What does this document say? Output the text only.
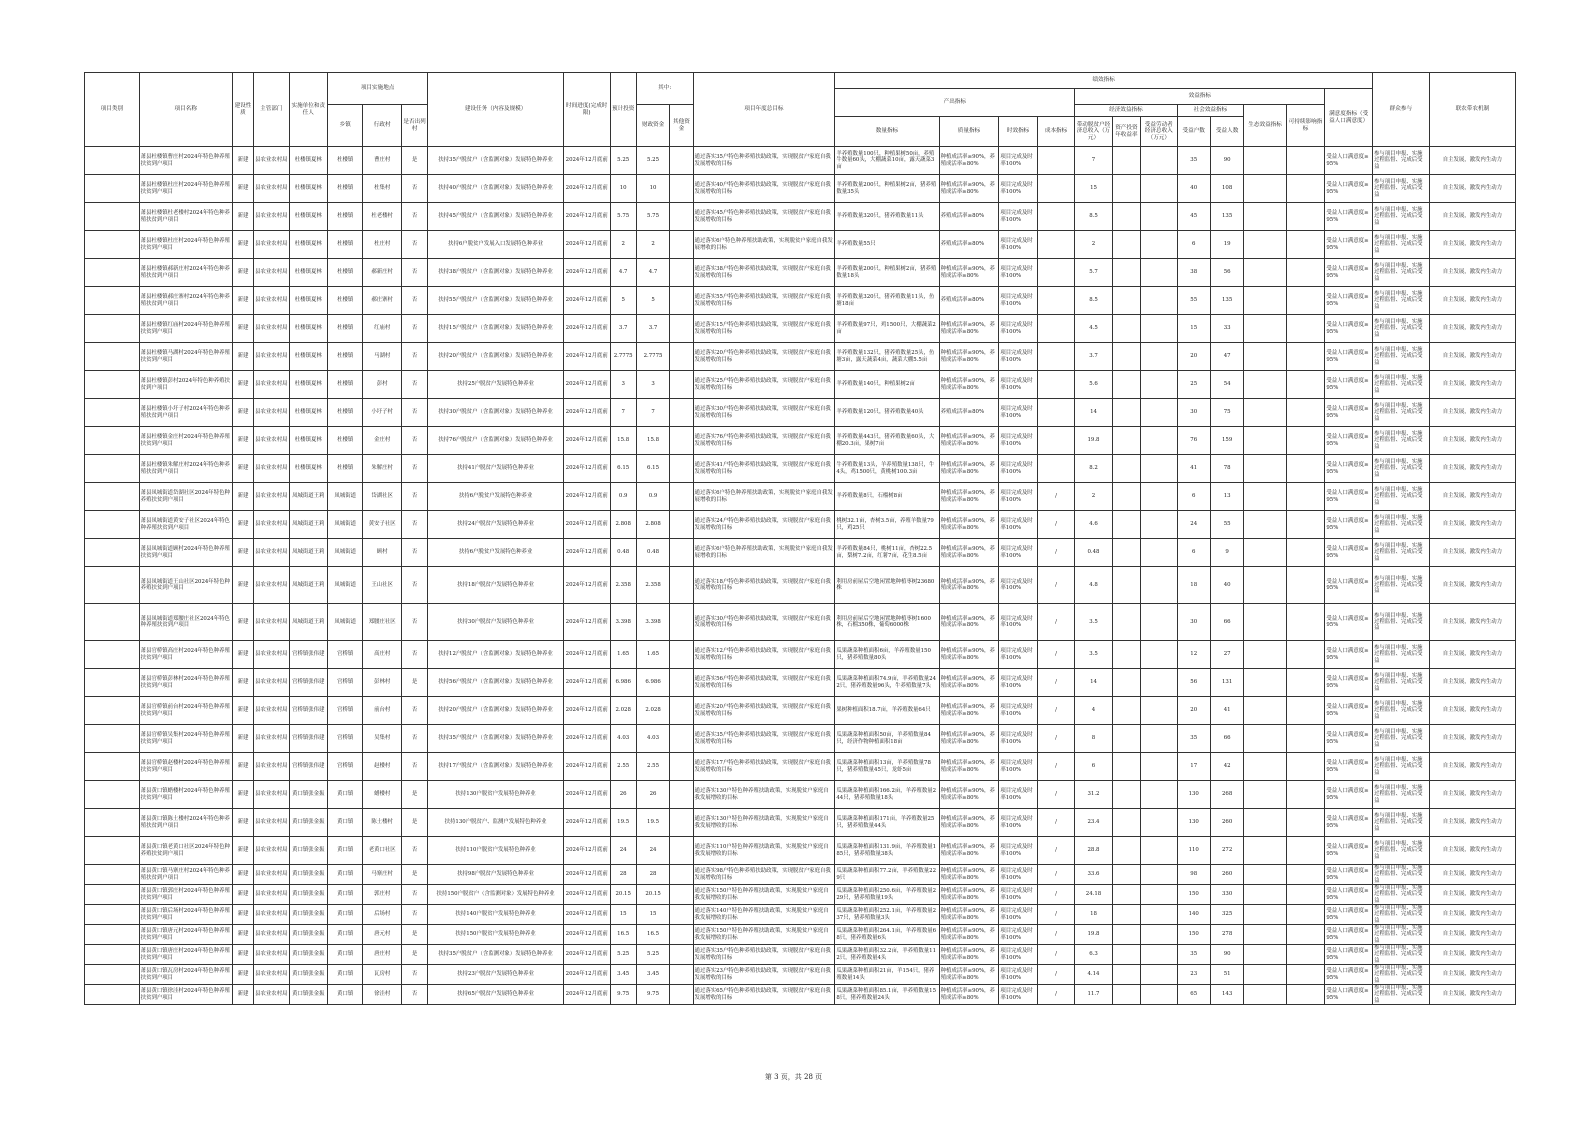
项目类别	项目名称	建设性质	主管部门	实施单位和责任人	项目实施地点			建设任务（内容及规模）	时间进度(完成时限)	预计投资	其中:		项目年度总目标	绩效指标												群众参与	联农带农机制
														产出指标				效益指标							满意度指标（受益人口满意度）		
					乡镇	行政村	是否出列村				财政资金	其他资金						经济效益指标			社会效益指标		生态效益指标	可持续影响指标			
														数量指标	质量指标	时效指标	成本指标	带动脱贫户经济总收入（万元）	资产投资年收益率	受益劳动者经济总收入（万元）	受益户数	受益人数					
	萧县杜楼镇曹庄村2024年特色种养殖扶贫到户项目	新建	县农业农村局	杜楼镇夏林	杜楼镇	曹庄村	是	扶持35户脱贫户（含监测对象）发展特色种养业	2024年12月底前	5.25	5.25		通过落实35户特色种养殖扶助政策，实现脱贫户家庭自我发展增收的目标	羊养殖数量100只，种植果树50亩，养殖牛数量60头，大棚蔬菜10亩，露天蔬菜3亩	种植成活率≥90%，养殖成活率≥80%	项目完成及时率100%		7			35	90			受益人口满意度≥95%	参与项目申报、实施过程监督、完成后受益	自主发展，激发内生动力
	萧县杜楼镇杜庄村2024年特色种养殖扶贫到户项目	新建	县农业农村局	杜楼镇夏林	杜楼镇	杜集村	否	扶持40户脱贫户（含监测对象）发展特色种养业	2024年12月底前	10	10		通过落实40户特色种养殖扶助政策，实现脱贫户家庭自我发展增收的目标	羊养殖数量200只，种植果树2亩，猪养殖数量35头	种植成活率≥90%，养殖成活率≥80%	项目完成及时率100%		15			40	108			受益人口满意度≥95%	参与项目申报、实施过程监督、完成后受益	自主发展，激发内生动力
	萧县杜楼镇杜老楼村2024年特色种养殖扶贫到户项目	新建	县农业农村局	杜楼镇夏林	杜楼镇	杜老楼村	否	扶持45户脱贫户（含监测对象）发展特色种养业	2024年12月底前	5.75	5.75		通过落实45户特色种养殖扶助政策，实现脱贫户家庭自我发展增收的目标	羊养殖数量320只，猪养殖数量11头	养殖成活率≥80%	项目完成及时率100%		8.5			45	135			受益人口满意度≥95%	参与项目申报、实施过程监督、完成后受益	自主发展，激发内生动力
	萧县杜楼镇杜庄村2024年特色种养殖扶贫到户项目	新建	县农业农村局	杜楼镇夏林	杜楼镇	杜庄村	否	扶持6户脱贫户发展入口发展特色种养业	2024年12月底前	2	2		通过落实6户特色种养殖扶助政策，实现脱贫户家庭自我发展增收的目标	羊养殖数量55只	养殖成活率≥80%	项目完成及时率100%		2			6	19			受益人口满意度≥95%	参与项目申报、实施过程监督、完成后受益	自主发展，激发内生动力
	萧县杜楼镇郝新庄村2024年特色种养殖扶贫到户项目	新建	县农业农村局	杜楼镇夏林	杜楼镇	郝新庄村	否	扶持38户脱贫户（含监测对象）发展特色种养业	2024年12月底前	4.7	4.7		通过落实38户特色种养殖扶助政策，实现脱贫户家庭自我发展增收的目标	羊养殖数量200只，种植果树2亩，猪养殖数量18头	种植成活率≥90%，养殖成活率≥80%	项目完成及时率100%		5.7			38	56			受益人口满意度≥95%	参与项目申报、实施过程监督、完成后受益	自主发展，激发内生动力
	萧县杜楼镇郝庄寨村2024年特色种养殖扶贫到户项目	新建	县农业农村局	杜楼镇夏林	杜楼镇	郝庄寨村	否	扶持55户脱贫户（含监测对象）发展特色种养业	2024年12月底前	5	5		通过落实55户特色种养殖扶助政策，实现脱贫户家庭自我发展增收的目标	羊养殖数量320只，猪养殖数量11头，鱼塘18亩	养殖成活率≥80%	项目完成及时率100%		8.5			55	135			受益人口满意度≥95%	参与项目申报、实施过程监督、完成后受益	自主发展，激发内生动力
	萧县杜楼镇红庙村2024年特色种养殖扶贫到户项目	新建	县农业农村局	杜楼镇夏林	杜楼镇	红庙村	否	扶持15户脱贫户（含监测对象）发展特色种养业	2024年12月底前	3.7	3.7		通过落实15户特色种养殖扶助政策，实现脱贫户家庭自我发展增收的目标	羊养殖数量97只，鸡1500只，大棚蔬菜2亩	种植成活率≥90%，养殖成活率≥80%	项目完成及时率100%		4.5			15	33			受益人口满意度≥95%	参与项目申报、实施过程监督、完成后受益	自主发展，激发内生动力
	萧县杜楼镇马湖村2024年特色种养殖扶贫到户项目	新建	县农业农村局	杜楼镇夏林	杜楼镇	马湖村	否	扶持20户脱贫户（含监测对象）发展特色种养业	2024年12月底前	2.7775	2.7775		通过落实20户特色种养殖扶助政策，实现脱贫户家庭自我发展增收的目标	羊养殖数量132只，猪养殖数量25头，鱼塘3亩，露天蔬菜4亩，蔬菜大棚5.5亩	种植成活率≥90%，养殖成活率≥80%	项目完成及时率100%		3.7			20	47			受益人口满意度≥95%	参与项目申报、实施过程监督、完成后受益	自主发展，激发内生动力
	萧县杜楼镇彭村2024年特色种养殖扶贫到户项目	新建	县农业农村局	杜楼镇夏林	杜楼镇	彭村	否	扶持25户脱贫户发展特色种养业	2024年12月底前	3	3		通过落实25户特色种养殖扶助政策，实现脱贫户家庭自我发展增收的目标	羊养殖数量140只，种植果树2亩	种植成活率≥90%，养殖成活率≥80%	项目完成及时率100%		5.6			25	54			受益人口满意度≥95%	参与项目申报、实施过程监督、完成后受益	自主发展，激发内生动力
	萧县杜楼镇小圩子村2024年特色种养殖扶贫到户项目	新建	县农业农村局	杜楼镇夏林	杜楼镇	小圩子村	否	扶持30户脱贫户（含监测对象）发展特色种养业	2024年12月底前	7	7		通过落实30户特色种养殖扶助政策，实现脱贫户家庭自我发展增收的目标	羊养殖数量120只，猪养殖数量40头	养殖成活率≥80%	项目完成及时率100%		14			30	75			受益人口满意度≥95%	参与项目申报、实施过程监督、完成后受益	自主发展，激发内生动力
	萧县杜楼镇金庄村2024年特色种养殖扶贫到户项目	新建	县农业农村局	杜楼镇夏林	杜楼镇	金庄村	否	扶持76户脱贫户（含监测对象）发展特色种养业	2024年12月底前	15.8	15.8		通过落实76户特色种养殖扶助政策，实现脱贫户家庭自我发展增收的目标	羊养殖数量443只，猪养殖数量60头，大棚20.3亩，果树7亩	种植成活率≥90%，养殖成活率≥80%	项目完成及时率100%		19.8			76	159			受益人口满意度≥95%	参与项目申报、实施过程监督、完成后受益	自主发展，激发内生动力
	萧县杜楼镇朱解庄村2024年特色种养殖扶贫到户项目	新建	县农业农村局	杜楼镇夏林	杜楼镇	朱解庄村	否	扶持41户脱贫户发展特色种养业	2024年12月底前	6.15	6.15		通过落实41户特色种养殖扶助政策，实现脱贫户家庭自我发展增收的目标	牛养殖数量13头，羊养殖数量138只，牛4头，鸡1500只，黄桃树100.3亩	种植成活率≥90%，养殖成活率≥80%	项目完成及时率100%		8.2			41	78			受益人口满意度≥95%	参与项目申报、实施过程监督、完成后受益	自主发展，激发内生动力
	萧县凤城街道岱湖社区2024年特色种养殖扶贫到户项目	新建	县农业农村局	凤城街道王莉	凤城街道	岱湖社区	否	扶持6户脱贫户发展特色种养业	2024年12月底前	0.9	0.9		通过落实6户特色种养殖扶助政策，实现脱贫户家庭自我发展增收的目标	羊养殖数量8只，石榴树8亩	种植成活率≥90%，养殖成活率≥80%	项目完成及时率100%	/	2			6	13			受益人口满意度≥95%	参与项目申报、实施过程监督、完成后受益	自主发展，激发内生动力
	萧县凤城街道黄安子社区2024年特色种养殖扶贫到户项目	新建	县农业农村局	凤城街道王莉	凤城街道	黄安子社区	否	扶持24户脱贫户发展特色种养业	2024年12月底前	2.808	2.808		通过落实24户特色种养殖扶助政策，实现脱贫户家庭自我发展增收的目标	桃树32.1亩，杏树3.5亩，养殖羊数量79只，鸡25只	种植成活率≥90%，养殖成活率≥80%	项目完成及时率100%	/	4.6			24	55			受益人口满意度≥95%	参与项目申报、实施过程监督、完成后受益	自主发展，激发内生动力
	萧县凤城街道顾村2024年特色种养殖扶贫到户项目	新建	县农业农村局	凤城街道王莉	凤城街道	顾村	否	扶持6户脱贫户发展特色种养业	2024年12月底前	0.48	0.48		通过落实6户特色种养殖扶助政策，实现脱贫户家庭自我发展增收的目标	羊养殖数量84只，桃树11亩，杏树22.5亩，梨树7.2亩，红薯7亩，花生8.5亩	种植成活率≥90%，养殖成活率≥80%	项目完成及时率100%	/	0.48			6	9			受益人口满意度≥95%	参与项目申报、实施过程监督、完成后受益	自主发展，激发内生动力
	萧县凤城街道王山社区2024年特色种养殖扶贫到户项目	新建	县农业农村局	凤城街道王莉	凤城街道	王山社区	否	扶持18户脱贫户发展特色种养业	2024年12月底前	2.358	2.358		通过落实18户特色种养殖扶助政策，实现脱贫户家庭自我发展增收的目标	利用房前屋后空地闲置地种植枣树23680株	种植成活率≥90%，养殖成活率≥80%	项目完成及时率100%	/	4.8			18	40			受益人口满意度≥95%	参与项目申报、实施过程监督、完成后受益	自主发展，激发内生动力
	萧县凤城街道郑腰庄社区2024年特色种养殖扶贫到户项目	新建	县农业农村局	凤城街道王莉	凤城街道	郑腰庄社区	否	扶持30户脱贫户发展特色种养业	2024年12月底前	3.398	3.398		通过落实30户特色种养殖扶助政策，实现脱贫户家庭自我发展增收的目标	利用房前屋后空地闲置地种植枣树1600株，石榴350株，葡萄6000株	种植成活率≥90%，养殖成活率≥80%	项目完成及时率100%	/	3.5			30	66			受益人口满意度≥95%	参与项目申报、实施过程监督、完成后受益	自主发展，激发内生动力
	萧县官桥镇高庄村2024年特色种养殖扶贫到户项目	新建	县农业农村局	官桥镇张伟建	官桥镇	高庄村	否	扶持12户脱贫户（含监测对象）发展特色种养业	2024年12月底前	1.65	1.65		通过落实12户特色种养殖扶助政策，实现脱贫户家庭自我发展增收的目标	瓜果蔬菜种植面积6亩，羊养殖数量150只，猪养殖数量80头	种植成活率≥90%，养殖成活率≥80%	项目完成及时率100%	/	3.5			12	27			受益人口满意度≥95%	参与项目申报、实施过程监督、完成后受益	自主发展，激发内生动力
	萧县官桥镇彭林村2024年特色种养殖扶贫到户项目	新建	县农业农村局	官桥镇张伟建	官桥镇	彭林村	是	扶持56户脱贫户（含监测对象）发展特色种养业	2024年12月底前	6.986	6.986		通过落实56户特色种养殖扶助政策，实现脱贫户家庭自我发展增收的目标	瓜果蔬菜种植面积74.9亩，羊养殖数量242只，猪养殖数量96头，牛养殖数量7头	种植成活率≥90%，养殖成活率≥80%	项目完成及时率100%	/	14			56	131			受益人口满意度≥95%	参与项目申报、实施过程监督、完成后受益	自主发展，激发内生动力
	萧县官桥镇前台村2024年特色种养殖扶贫到户项目	新建	县农业农村局	官桥镇张伟建	官桥镇	前台村	否	扶持20户脱贫户（含监测对象）发展特色种养业	2024年12月底前	2.028	2.028		通过落实20户特色种养殖扶助政策，实现脱贫户家庭自我发展增收的目标	果树种植面积18.7亩，羊养殖数量64只	种植成活率≥90%，养殖成活率≥80%	项目完成及时率100%	/	4			20	41			受益人口满意度≥95%	参与项目申报、实施过程监督、完成后受益	自主发展，激发内生动力
	萧县官桥镇吴集村2024年特色种养殖扶贫到户项目	新建	县农业农村局	官桥镇张伟建	官桥镇	吴集村	否	扶持35户脱贫户（含监测对象）发展特色种养业	2024年12月底前	4.03	4.03		通过落实35户特色种养殖扶助政策，实现脱贫户家庭自我发展增收的目标	瓜果蔬菜种植面积50亩，羊养殖数量84只，经济作物种植面积18亩	种植成活率≥90%，养殖成活率≥80%	项目完成及时率100%	/	8			35	66			受益人口满意度≥95%	参与项目申报、实施过程监督、完成后受益	自主发展，激发内生动力
	萧县官桥镇赵楼村2024年特色种养殖扶贫到户项目	新建	县农业农村局	官桥镇张伟建	官桥镇	赵楼村	否	扶持17户脱贫户（含监测对象）发展特色种养业	2024年12月底前	2.55	2.55		通过落实17户特色种养殖扶助政策，实现脱贫户家庭自我发展增收的目标	瓜果蔬菜种植面积13亩，羊养殖数量78只，猪养殖数量45只，龙虾5亩	种植成活率≥90%，养殖成活率≥80%	项目完成及时率100%	/	6			17	42			受益人口满意度≥95%	参与项目申报、实施过程监督、完成后受益	自主发展，激发内生动力
	萧县黄口镇蜡楼村2024年特色种养殖扶贫到户项目	新建	县农业农村局	黄口镇张金振	黄口镇	蜡楼村	是	扶持130户脱贫户发展特色种养业	2024年12月底前	26	26		通过落实130户特色种养殖扶助政策，实现脱贫户家庭自我发展增收的目标	瓜果蔬菜种植面积166.2亩，羊养殖数量244只，猪养殖数量18头	种植成活率≥90%，养殖成活率≥80%	项目完成及时率100%	/	31.2			130	268			受益人口满意度≥95%	参与项目申报、实施过程监督、完成后受益	自主发展，激发内生动力
	萧县黄口镇陈土楼村2024年特色种养殖扶贫到户项目	新建	县农业农村局	黄口镇张金振	黄口镇	陈土楼村	是	扶持130户脱贫户、监测户发展特色种养业	2024年12月底前	19.5	19.5		通过落实130户特色种养殖扶助政策，实现脱贫户家庭自我发展增收的目标	瓜果蔬菜种植面积171亩，羊养殖数量25只，猪养殖数量44头	种植成活率≥90%，养殖成活率≥80%	项目完成及时率100%	/	23.4			130	260			受益人口满意度≥95%	参与项目申报、实施过程监督、完成后受益	自主发展，激发内生动力
	萧县黄口镇老黄口社区2024年特色种养殖扶贫到户项目	新建	县农业农村局	黄口镇张金振	黄口镇	老黄口社区	否	扶持110户脱贫户发展特色种养业	2024年12月底前	24	24		通过落实110户特色种养殖扶助政策，实现脱贫户家庭自我发展增收的目标	瓜果蔬菜种植面积131.9亩，羊养殖数量185只，猪养殖数量38头	种植成活率≥90%，养殖成活率≥80%	项目完成及时率100%	/	28.8			110	272			受益人口满意度≥95%	参与项目申报、实施过程监督、完成后受益	自主发展，激发内生动力
	萧县黄口镇马寨庄村2024年特色种养殖扶贫到户项目	新建	县农业农村局	黄口镇张金振	黄口镇	马寨庄村	是	扶持98户脱贫户发展特色种养业	2024年12月底前	28	28		通过落实98户特色种养殖扶助政策，实现脱贫户家庭自我发展增收的目标	瓜果蔬菜种植面积77.2亩，羊养殖数量229只	种植成活率≥90%，养殖成活率≥80%	项目完成及时率100%	/	33.6			98	260			受益人口满意度≥95%	参与项目申报、实施过程监督、完成后受益	自主发展，激发内生动力
	萧县黄口镇郭庄村2024年特色种养殖扶贫到户项目	新建	县农业农村局	黄口镇张金振	黄口镇	郭庄村	否	扶持150户脱贫户（含监测对象）发展特色种养业	2024年12月底前	20.15	20.15		通过落实150户特色种养殖扶助政策，实现脱贫户家庭自我发展增收的目标	瓜果蔬菜种植面积250.6亩，羊养殖数量229只，猪养殖数量19头	种植成活率≥90%，养殖成活率≥80%	项目完成及时率100%	/	24.18			150	330			受益人口满意度≥95%	参与项目申报、实施过程监督、完成后受益	自主发展，激发内生动力
	萧县黄口镇后场村2024年特色种养殖扶贫到户项目	新建	县农业农村局	黄口镇张金振	黄口镇	后场村	否	扶持140户脱贫户发展特色种养业	2024年12月底前	15	15		通过落实140户特色种养殖扶助政策，实现脱贫户家庭自我发展增收的目标	瓜果蔬菜种植面积252.1亩，羊养殖数量237只，猪养殖数量3头	种植成活率≥90%，养殖成活率≥80%	项目完成及时率100%	/	18			140	325			受益人口满意度≥95%	参与项目申报、实施过程监督、完成后受益	自主发展，激发内生动力
	萧县黄口镇唐元村2024年特色种养殖扶贫到户项目	新建	县农业农村局	黄口镇张金振	黄口镇	唐元村	是	扶持150户脱贫户发展特色种养业	2024年12月底前	16.5	16.5		通过落实150户特色种养殖扶助政策，实现脱贫户家庭自我发展增收的目标	瓜果蔬菜种植面积264.1亩，羊养殖数量68只，猪养殖数量6头	种植成活率≥90%，养殖成活率≥80%	项目完成及时率100%	/	19.8			150	278			受益人口满意度≥95%	参与项目申报、实施过程监督、完成后受益	自主发展，激发内生动力
	萧县黄口镇唐庄村2024年特色种养殖扶贫到户项目	新建	县农业农村局	黄口镇张金振	黄口镇	唐庄村	是	扶持35户脱贫户（含监测对象）发展特色种养业	2024年12月底前	5.25	5.25		通过落实35户特色种养殖扶助政策，实现脱贫户家庭自我发展增收的目标	瓜果蔬菜种植面积32.2亩，羊养殖数量112只，猪养殖数量4头	种植成活率≥90%，养殖成活率≥80%	项目完成及时率100%	/	6.3			35	90			受益人口满意度≥95%	参与项目申报、实施过程监督、完成后受益	自主发展，激发内生动力
	萧县黄口镇瓦房村2024年特色种养殖扶贫到户项目	新建	县农业农村局	黄口镇张金振	黄口镇	瓦房村	否	扶持23户脱贫户发展特色种养业	2024年12月底前	3.45	3.45		通过落实23户特色种养殖扶助政策，实现脱贫户家庭自我发展增收的目标	瓜果蔬菜种植面积21亩，羊154只，猪养殖数量14头	种植成活率≥90%，养殖成活率≥80%	项目完成及时率100%	/	4.14			23	51			受益人口满意度≥95%	参与项目申报、实施过程监督、完成后受益	自主发展，激发内生动力
	萧县黄口镇徐洼村2024年特色种养殖扶贫到户项目	新建	县农业农村局	黄口镇张金振	黄口镇	徐洼村	否	扶持65户脱贫户发展特色种养业	2024年12月底前	9.75	9.75		通过落实65户特色种养殖扶助政策，实现脱贫户家庭自我发展增收的目标	瓜果蔬菜种植面积85.1亩，羊养殖数量158只，猪养殖数量24头	种植成活率≥90%，养殖成活率≥80%	项目完成及时率100%	/	11.7			65	143			受益人口满意度≥95%	参与项目申报、实施过程监督、完成后受益	自主发展，激发内生动力
第 3 页，共 28 页
